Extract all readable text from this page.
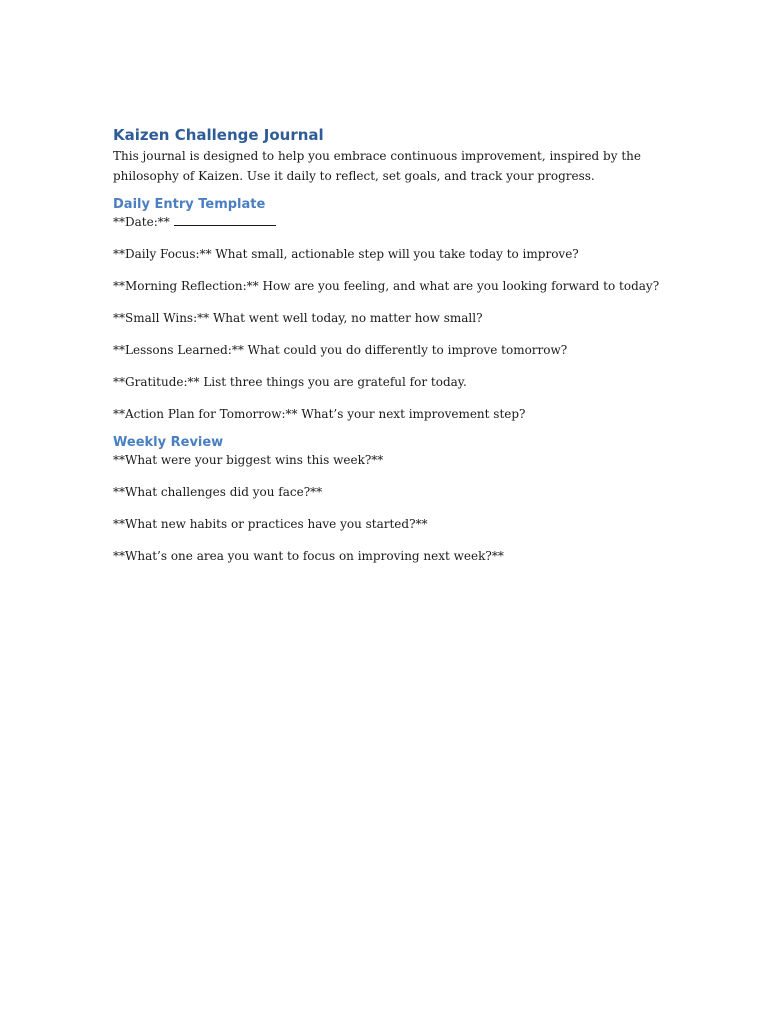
Kaizen Challenge Journal

This journal is designed to help you embrace continuous improvement, inspired by the philosophy of Kaizen. Use it daily to reflect, set goals, and track your progress.

Daily Entry Template

**Date:**

**Daily Focus:** What small, actionable step will you take today to improve?

**Morning Reflection:** How are you feeling, and what are you looking forward to today?

**Small Wins:** What went well today, no matter how small?

**Lessons Learned:** What could you do differently to improve tomorrow?

**Gratitude:** List three things you are grateful for today.

**Action Plan for Tomorrow:** What’s your next improvement step?

Weekly Review

**What were your biggest wins this week?**

**What challenges did you face?**

**What new habits or practices have you started?**

**What’s one area you want to focus on improving next week?**
